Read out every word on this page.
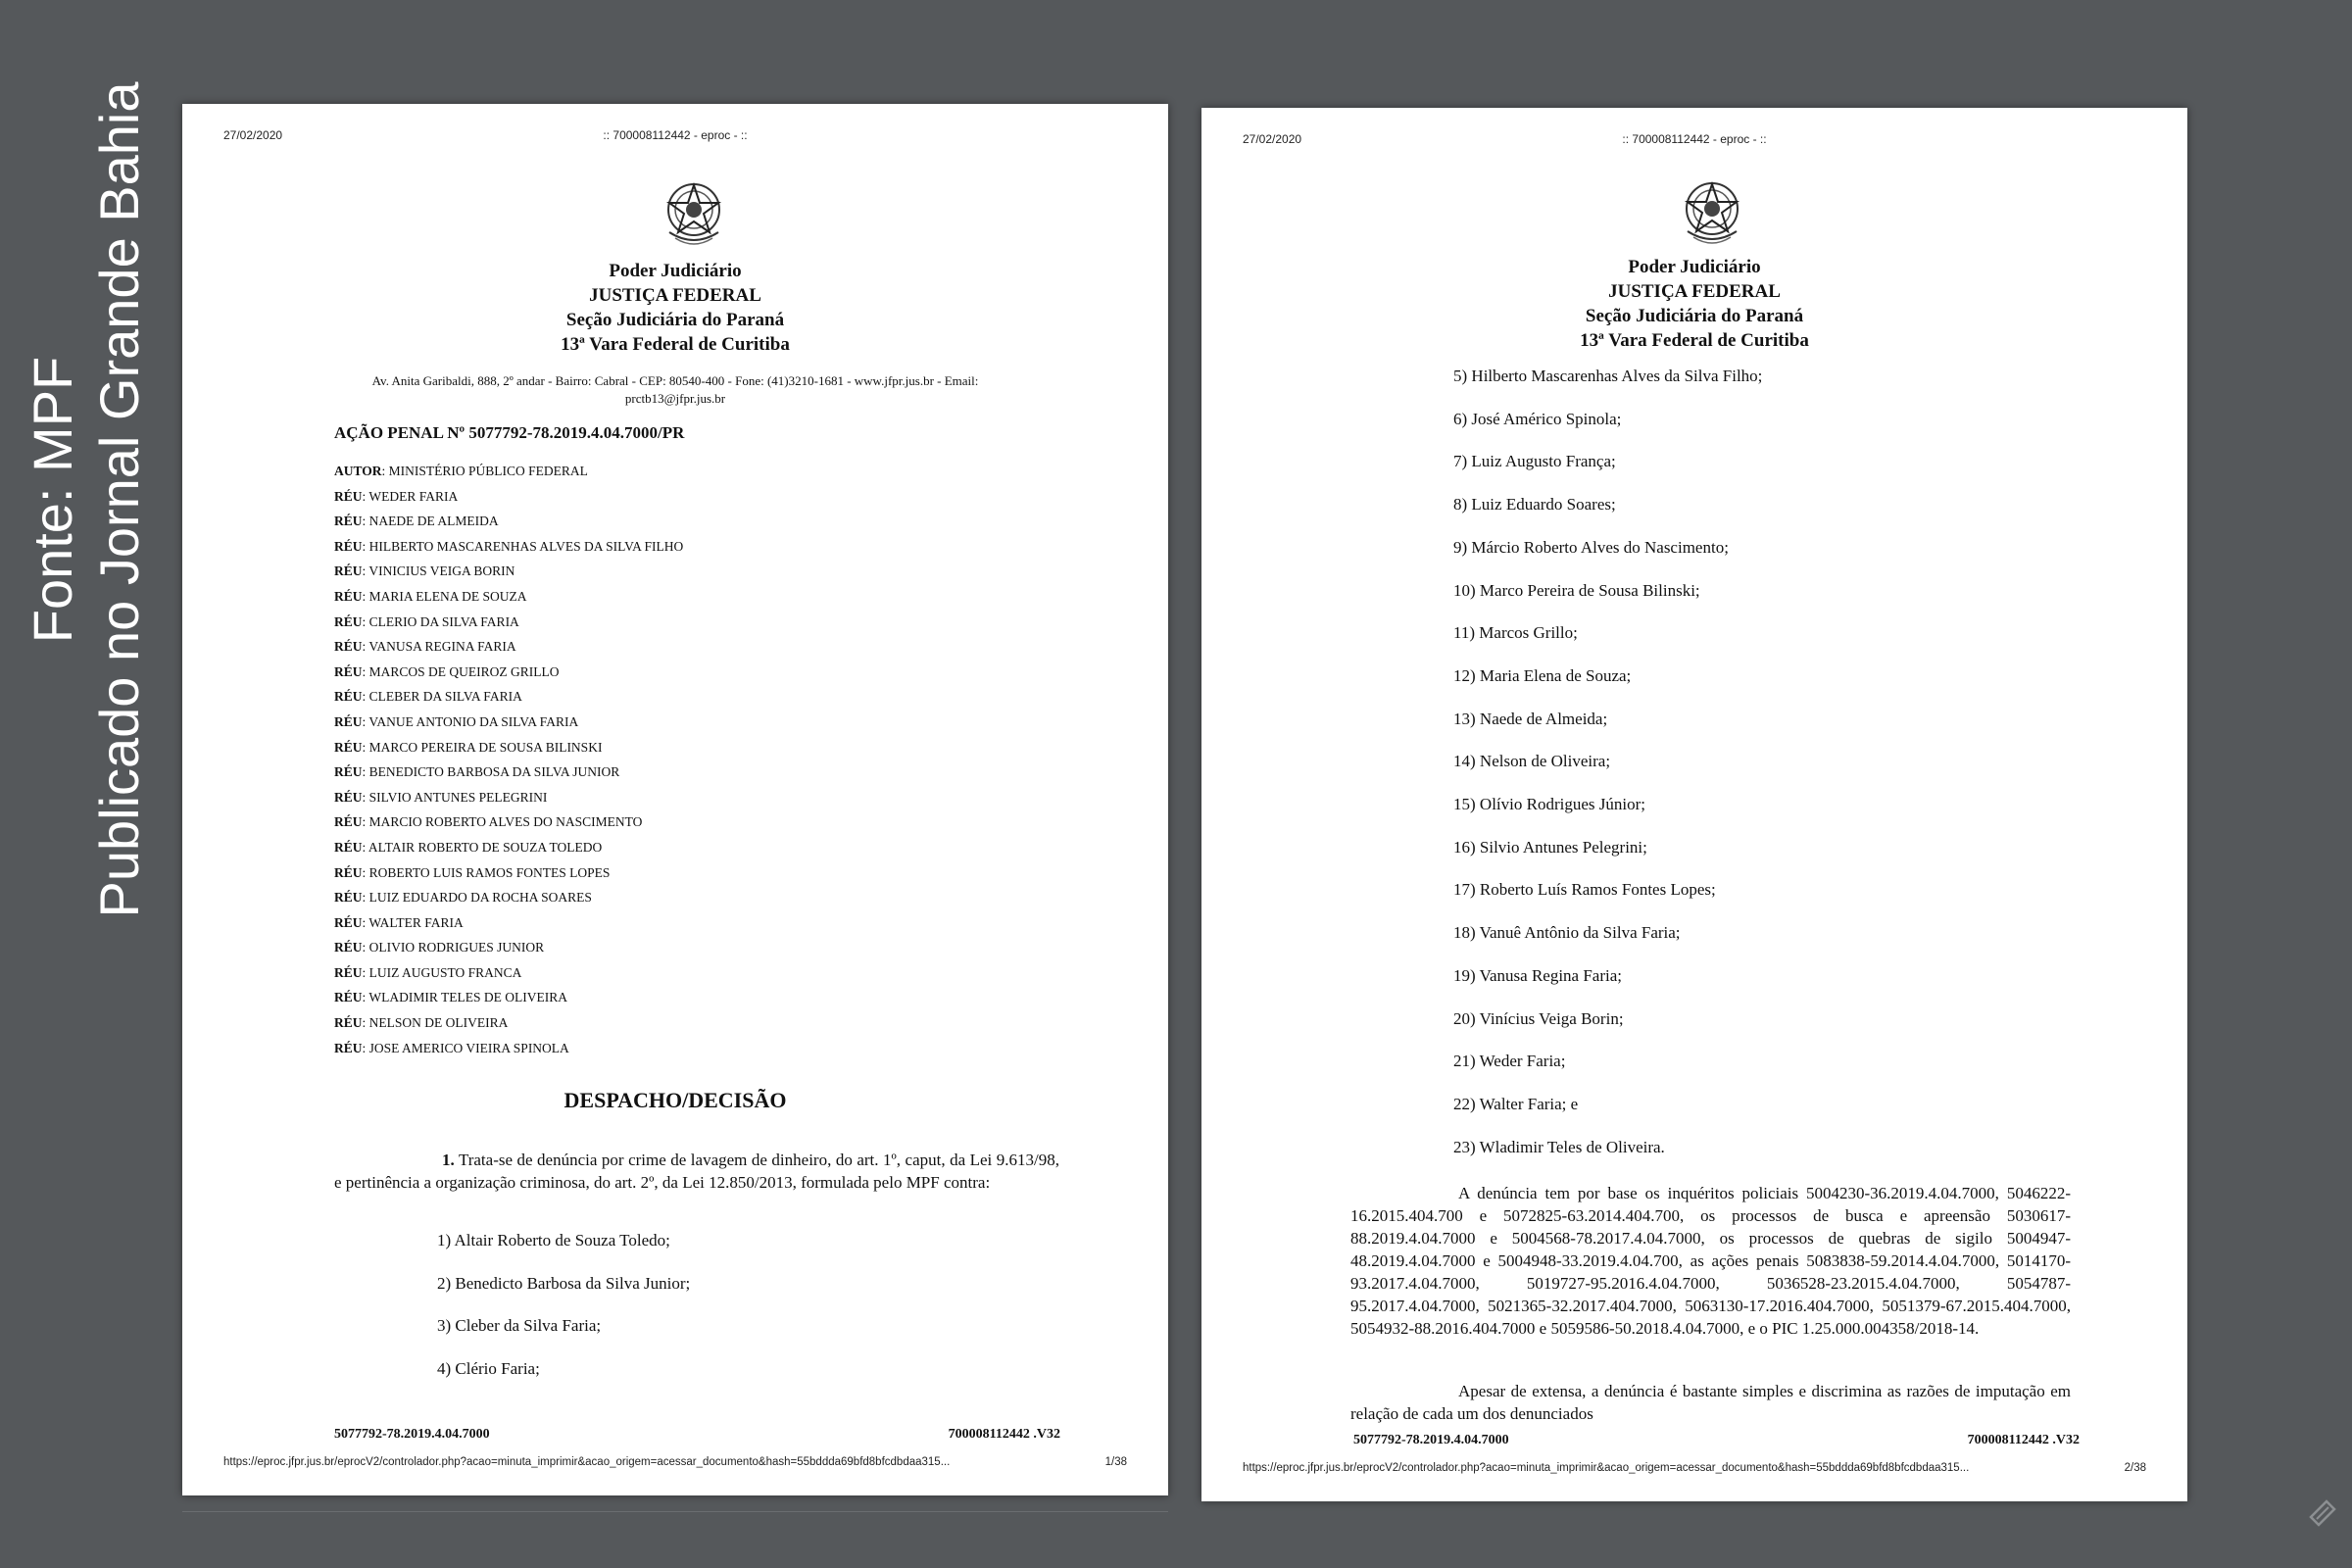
Fonte: MPF Publicado no Jornal Grande Bahia	27/02/2020	:: 700008112442 - eproc - ::
Poder Judiciário
JUSTIÇA FEDERAL
Seção Judiciária do Paraná
13ª Vara Federal de Curitiba
Av. Anita Garibaldi, 888, 2º andar - Bairro: Cabral - CEP: 80540-400 - Fone: (41)3210-1681 - www.jfpr.jus.br - Email: prctb13@jfpr.jus.br
AÇÃO PENAL Nº 5077792-78.2019.4.04.7000/PR
AUTOR: MINISTÉRIO PÚBLICO FEDERAL
RÉU: WEDER FARIA
RÉU: NAEDE DE ALMEIDA
RÉU: HILBERTO MASCARENHAS ALVES DA SILVA FILHO
RÉU: VINICIUS VEIGA BORIN
RÉU: MARIA ELENA DE SOUZA
RÉU: CLERIO DA SILVA FARIA
RÉU: VANUSA REGINA FARIA
RÉU: MARCOS DE QUEIROZ GRILLO
RÉU: CLEBER DA SILVA FARIA
RÉU: VANUE ANTONIO DA SILVA FARIA
RÉU: MARCO PEREIRA DE SOUSA BILINSKI
RÉU: BENEDICTO BARBOSA DA SILVA JUNIOR
RÉU: SILVIO ANTUNES PELEGRINI
RÉU: MARCIO ROBERTO ALVES DO NASCIMENTO
RÉU: ALTAIR ROBERTO DE SOUZA TOLEDO
RÉU: ROBERTO LUIS RAMOS FONTES LOPES
RÉU: LUIZ EDUARDO DA ROCHA SOARES
RÉU: WALTER FARIA
RÉU: OLIVIO RODRIGUES JUNIOR
RÉU: LUIZ AUGUSTO FRANCA
RÉU: WLADIMIR TELES DE OLIVEIRA
RÉU: NELSON DE OLIVEIRA
RÉU: JOSE AMERICO VIEIRA SPINOLA
DESPACHO/DECISÃO
1. Trata-se de denúncia por crime de lavagem de dinheiro, do art. 1º, caput, da Lei 9.613/98, e pertinência a organização criminosa, do art. 2º, da Lei 12.850/2013, formulada pelo MPF contra:
1) Altair Roberto de Souza Toledo;
2) Benedicto Barbosa da Silva Junior;
3) Cleber da Silva Faria;
4) Clério Faria;
5077792-78.2019.4.04.7000	700008112442 .V32
https://eproc.jfpr.jus.br/eprocV2/controlador.php?acao=minuta_imprimir&acao_origem=acessar_documento&hash=55bddda69bfd8bfcdbdaa315...	1/38
27/02/2020	:: 700008112442 - eproc - ::
Poder Judiciário
JUSTIÇA FEDERAL
Seção Judiciária do Paraná
13ª Vara Federal de Curitiba
5) Hilberto Mascarenhas Alves da Silva Filho;
6) José Américo Spinola;
7) Luiz Augusto França;
8) Luiz Eduardo Soares;
9) Márcio Roberto Alves do Nascimento;
10) Marco Pereira de Sousa Bilinski;
11) Marcos Grillo;
12) Maria Elena de Souza;
13) Naede de Almeida;
14) Nelson de Oliveira;
15) Olívio Rodrigues Júnior;
16) Silvio Antunes Pelegrini;
17) Roberto Luís Ramos Fontes Lopes;
18) Vanuê Antônio da Silva Faria;
19) Vanusa Regina Faria;
20) Vinícius Veiga Borin;
21) Weder Faria;
22) Walter Faria; e
23) Wladimir Teles de Oliveira.
A denúncia tem por base os inquéritos policiais 5004230-36.2019.4.04.7000, 5046222-16.2015.404.700 e 5072825-63.2014.404.700, os processos de busca e apreensão 5030617-88.2019.4.04.7000 e 5004568-78.2017.4.04.7000, os processos de quebras de sigilo 5004947-48.2019.4.04.7000 e 5004948-33.2019.4.04.700, as ações penais 5083838-59.2014.4.04.7000, 5014170-93.2017.4.04.7000, 5019727-95.2016.4.04.7000, 5036528-23.2015.4.04.7000, 5054787-95.2017.4.04.7000, 5021365-32.2017.404.7000, 5063130-17.2016.404.7000, 5051379-67.2015.404.7000, 5054932-88.2016.404.7000 e 5059586-50.2018.4.04.7000, e o PIC 1.25.000.004358/2018-14.
Apesar de extensa, a denúncia é bastante simples e discrimina as razões de imputação em relação de cada um dos denunciados
5077792-78.2019.4.04.7000	700008112442 .V32
https://eproc.jfpr.jus.br/eprocV2/controlador.php?acao=minuta_imprimir&acao_origem=acessar_documento&hash=55bddda69bfd8bfcdbdaa315...	2/38
